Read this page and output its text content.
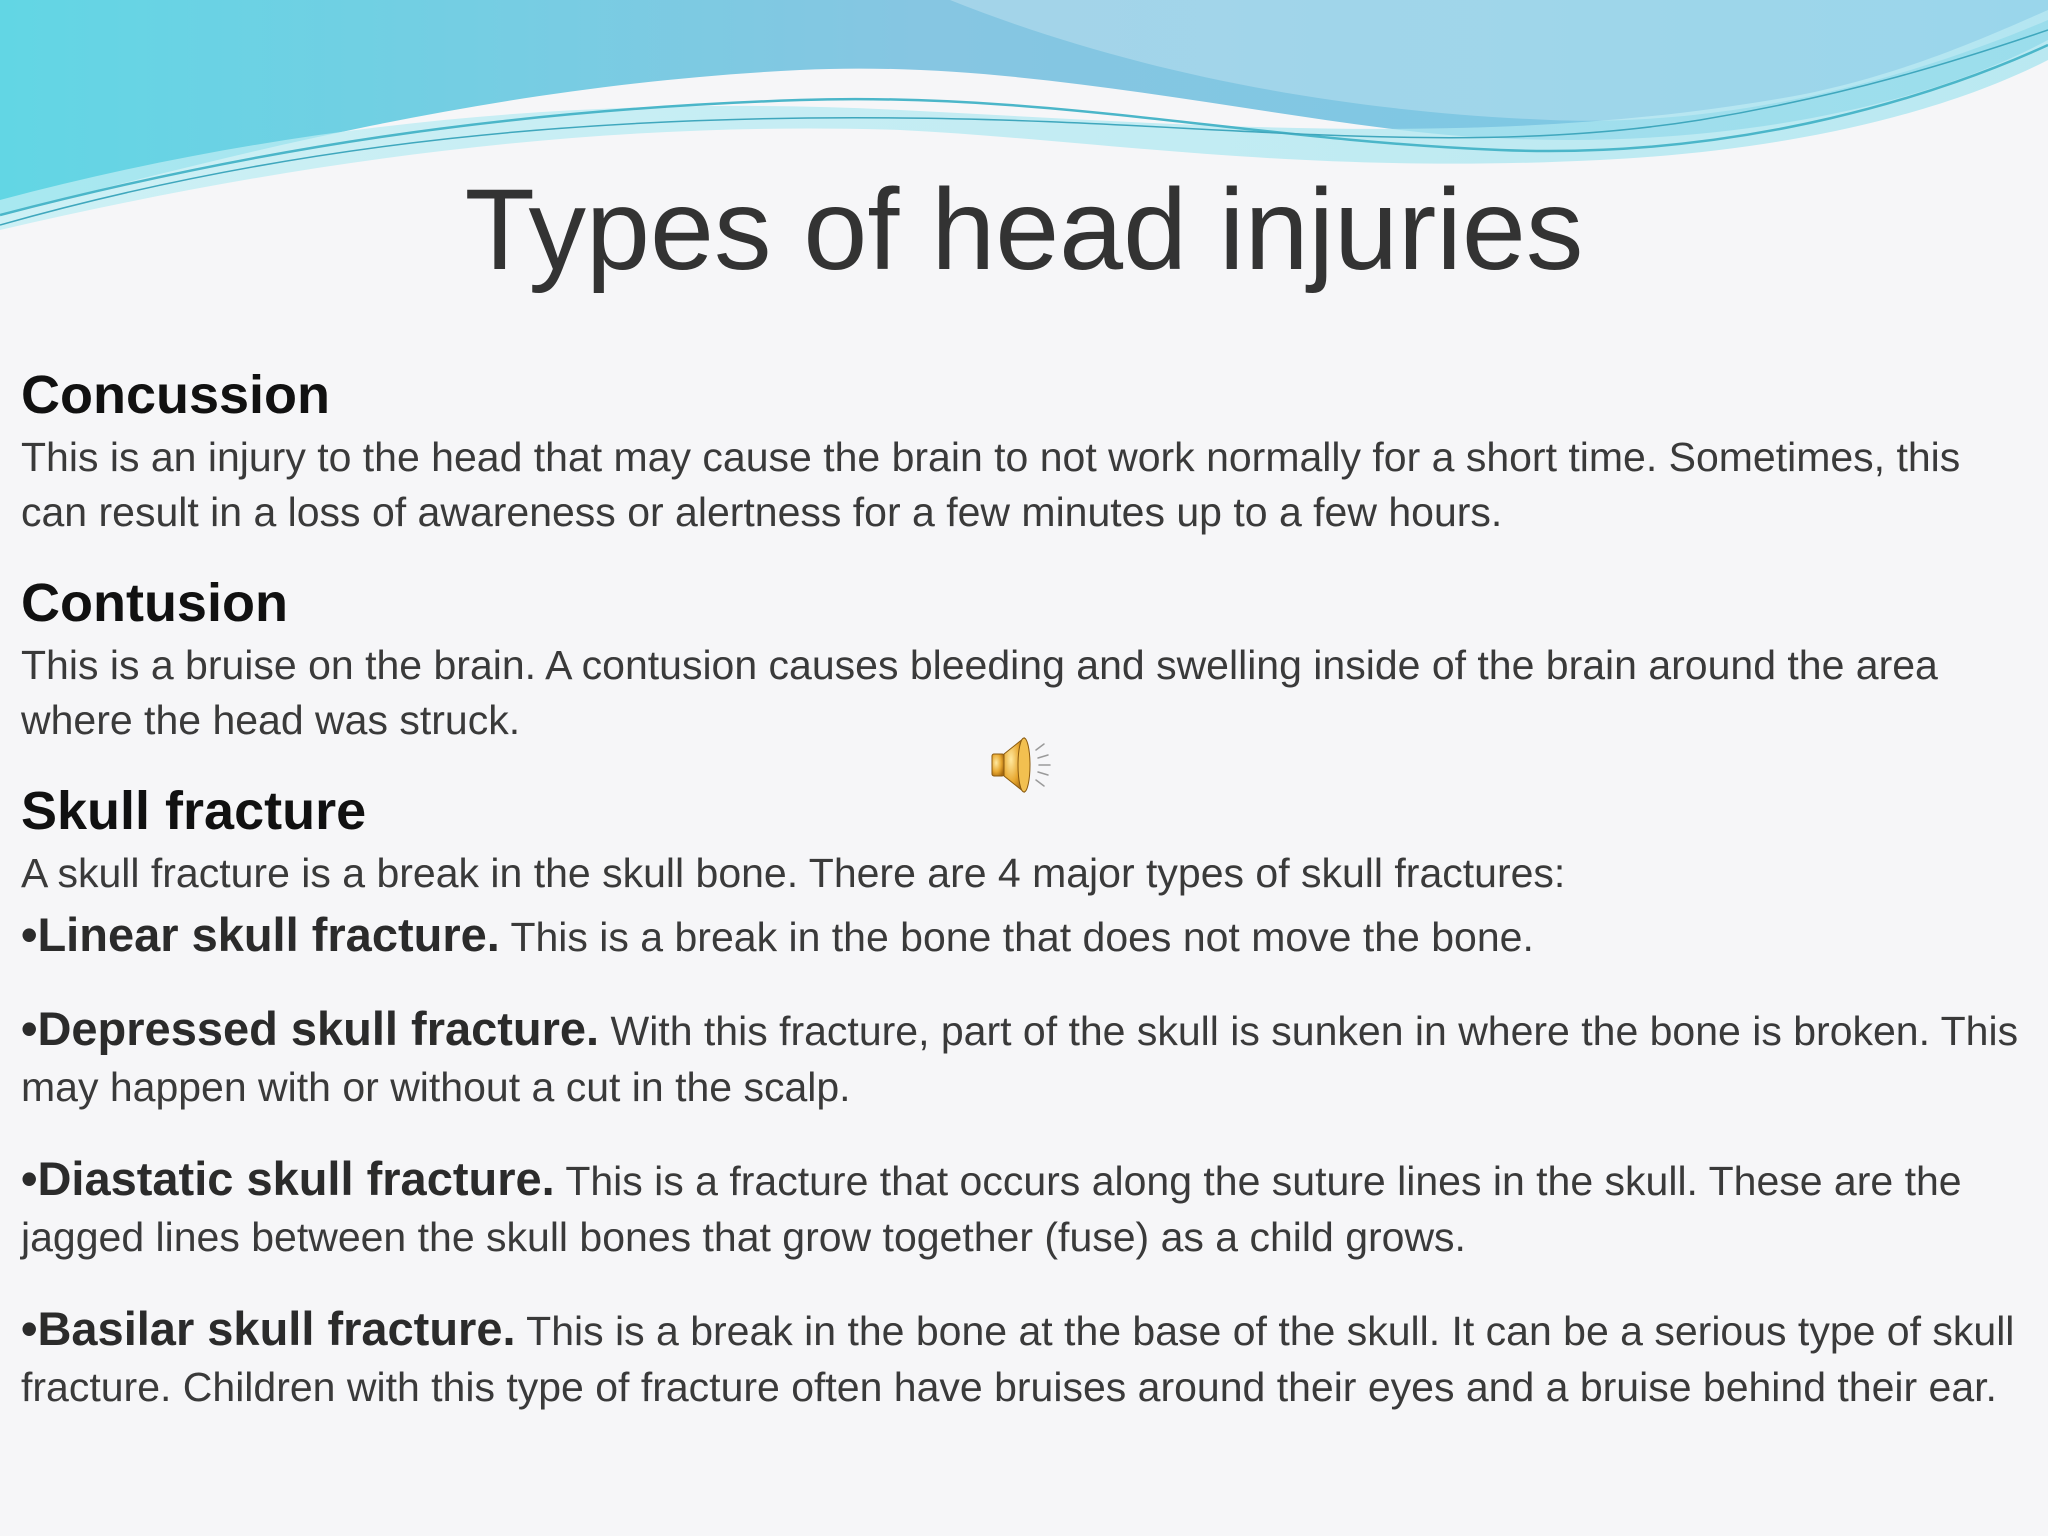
Types of head injuries
Concussion
This is an injury to the head that may cause the brain to not work normally for a short time. Sometimes, this can result in a loss of awareness or alertness for a few minutes up to a few hours.
Contusion
This is a bruise on the brain. A contusion causes bleeding and swelling inside of the brain around the area where the head was struck.
Skull fracture
A skull fracture is a break in the skull bone. There are 4 major types of skull fractures:
•Linear skull fracture. This is a break in the bone that does not move the bone.
•Depressed skull fracture. With this fracture, part of the skull is sunken in where the bone is broken. This may happen with or without a cut in the scalp.
•Diastatic skull fracture. This is a fracture that occurs along the suture lines in the skull. These are the jagged lines between the skull bones that grow together (fuse) as a child grows.
•Basilar skull fracture. This is a break in the bone at the base of the skull. It can be a serious type of skull fracture. Children with this type of fracture often have bruises around their eyes and a bruise behind their ear.
